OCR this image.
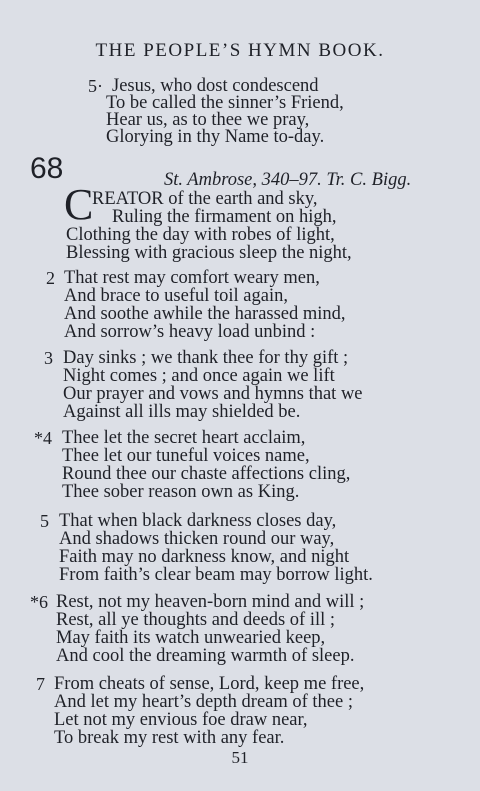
THE PEOPLE’S HYMN BOOK.
5· Jesus, who dost condescend
To be called the sinner’s Friend,
Hear us, as to thee we pray,
Glorying in thy Name to-day.
68	St. Ambrose, 340–97. Tr. C. Bigg.
C
REATOR of the earth and sky,
Ruling the firmament on high,
Clothing the day with robes of light,
Blessing with gracious sleep the night,
2 That rest may comfort weary men,
And brace to useful toil again,
And soothe awhile the harassed mind,
And sorrow’s heavy load unbind :
3 Day sinks ; we thank thee for thy gift ;
Night comes ; and once again we lift
Our prayer and vows and hymns that we
Against all ills may shielded be.
*4 Thee let the secret heart acclaim,
Thee let our tuneful voices name,
Round thee our chaste affections cling,
Thee sober reason own as King.
5 That when black darkness closes day,
And shadows thicken round our way,
Faith may no darkness know, and night
From faith’s clear beam may borrow light.
*6 Rest, not my heaven-born mind and will ;
Rest, all ye thoughts and deeds of ill ;
May faith its watch unwearied keep,
And cool the dreaming warmth of sleep.
7 From cheats of sense, Lord, keep me free,
And let my heart’s depth dream of thee ;
Let not my envious foe draw near,
To break my rest with any fear.
51
